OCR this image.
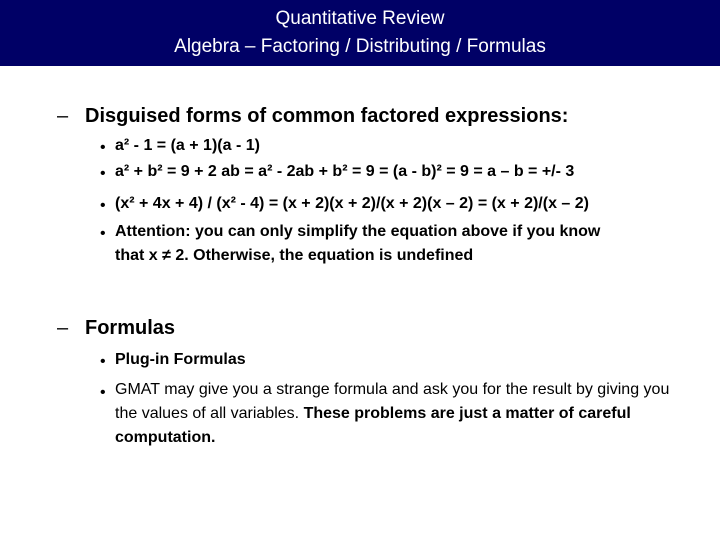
Quantitative Review
Algebra – Factoring / Distributing / Formulas
– Disguised forms of common factored expressions:
• a² - 1 = (a + 1)(a - 1)
• a² + b² = 9 + 2 ab = a² - 2ab + b² = 9 = (a - b)² = 9 = a – b = +/- 3
• (x² + 4x + 4) / (x² - 4) = (x + 2)(x + 2)/(x + 2)(x – 2) = (x + 2)/(x – 2)
• Attention: you can only simplify the equation above if you know
that x ≠ 2. Otherwise, the equation is undefined
– Formulas
• Plug-in Formulas
• GMAT may give you a strange formula and ask you for the result by giving you the values of all variables. These problems are just a matter of careful computation.
